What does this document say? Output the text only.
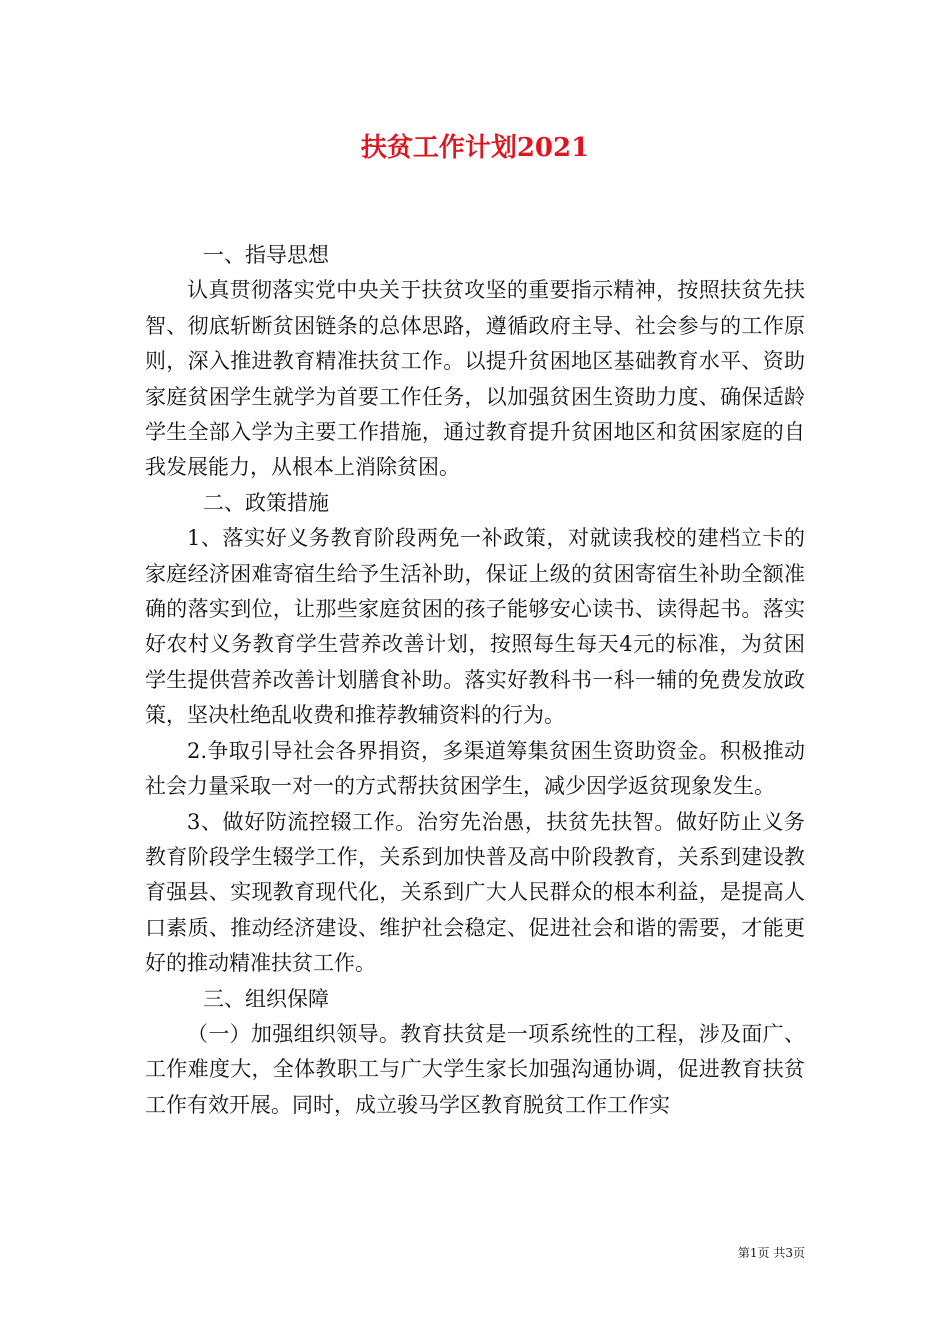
扶贫工作计划2021

一、指导思想

认真贯彻落实党中央关于扶贫攻坚的重要指示精神，按照扶贫先扶智、彻底斩断贫困链条的总体思路，遵循政府主导、社会参与的工作原则，深入推进教育精准扶贫工作。以提升贫困地区基础教育水平、资助家庭贫困学生就学为首要工作任务，以加强贫困生资助力度、确保适龄学生全部入学为主要工作措施，通过教育提升贫困地区和贫困家庭的自我发展能力，从根本上消除贫困。

二、政策措施

1、落实好义务教育阶段两免一补政策，对就读我校的建档立卡的家庭经济困难寄宿生给予生活补助，保证上级的贫困寄宿生补助全额准确的落实到位，让那些家庭贫困的孩子能够安心读书、读得起书。落实好农村义务教育学生营养改善计划，按照每生每天4元的标准，为贫困学生提供营养改善计划膳食补助。落实好教科书一科一辅的免费发放政策，坚决杜绝乱收费和推荐教辅资料的行为。

2.争取引导社会各界捐资，多渠道筹集贫困生资助资金。积极推动社会力量采取一对一的方式帮扶贫困学生，减少因学返贫现象发生。

3、做好防流控辍工作。治穷先治愚，扶贫先扶智。做好防止义务教育阶段学生辍学工作，关系到加快普及高中阶段教育，关系到建设教育强县、实现教育现代化，关系到广大人民群众的根本利益，是提高人口素质、推动经济建设、维护社会稳定、促进社会和谐的需要，才能更好的推动精准扶贫工作。

三、组织保障

（一）加强组织领导。教育扶贫是一项系统性的工程，涉及面广、工作难度大，全体教职工与广大学生家长加强沟通协调，促进教育扶贫工作有效开展。同时，成立骏马学区教育脱贫工作工作实

第1页 共3页
